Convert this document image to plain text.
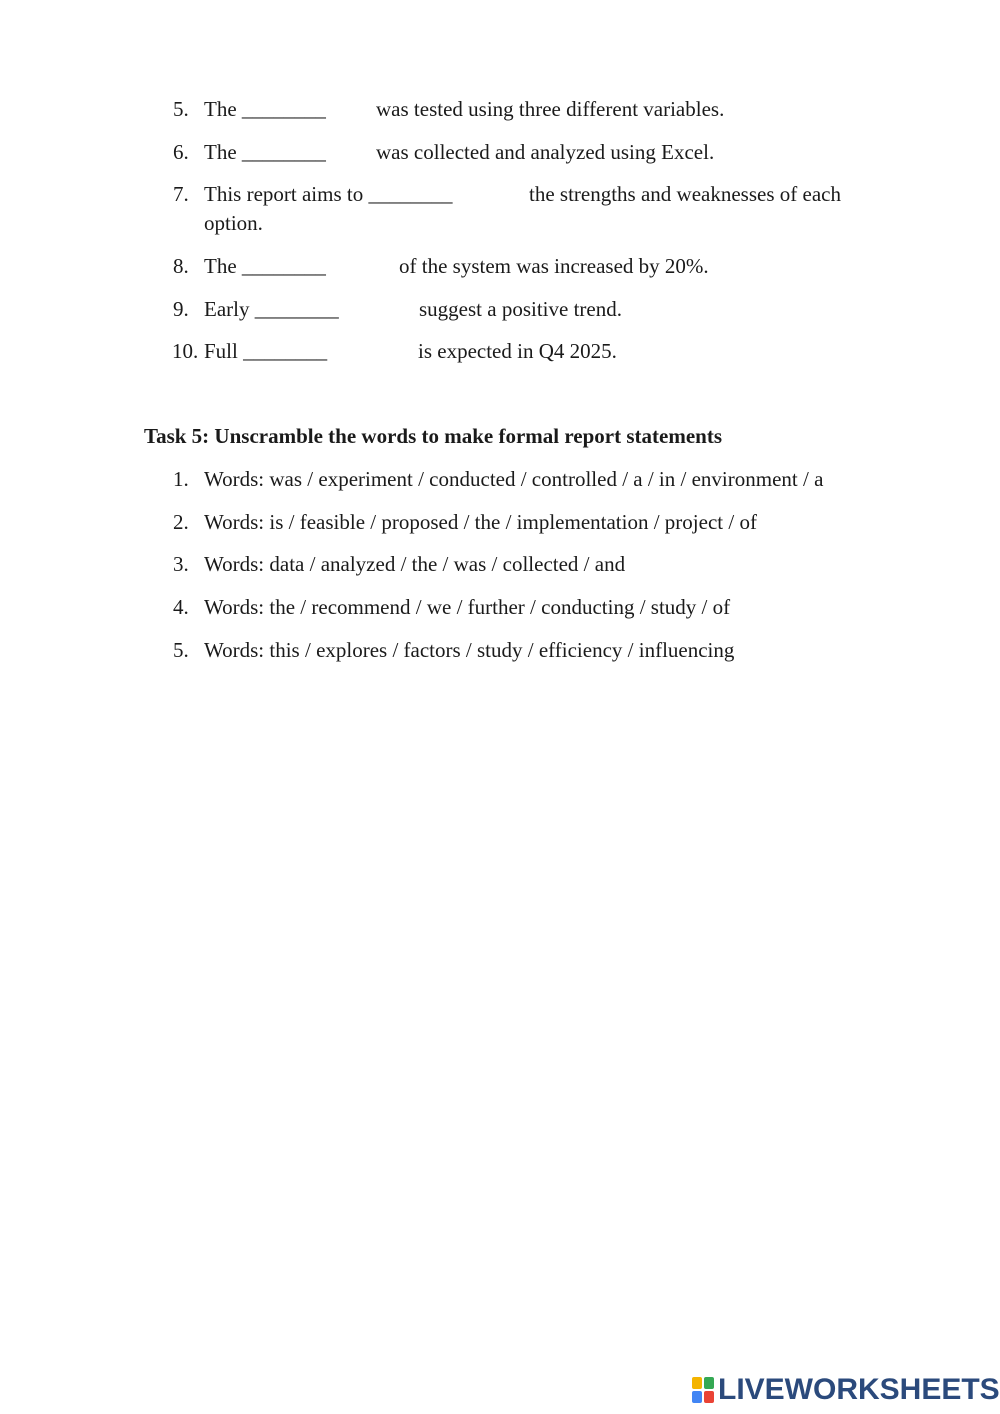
5. The ________ was tested using three different variables.
6. The ________ was collected and analyzed using Excel.
7. This report aims to ________	the strengths and weaknesses of each
option.
8. The ________	of the system was increased by 20%.
9. Early ________	suggest a positive trend.
10. Full ________	is expected in Q4 2025.
Task 5: Unscramble the words to make formal report statements
1. Words: was / experiment / conducted / controlled / a / in / environment / a
2. Words: is / feasible / proposed / the / implementation / project / of
3. Words: data / analyzed / the / was / collected / and
4. Words: the / recommend / we / further / conducting / study / of
5. Words: this / explores / factors / study / efficiency / influencing
LIVEWORKSHEETS
